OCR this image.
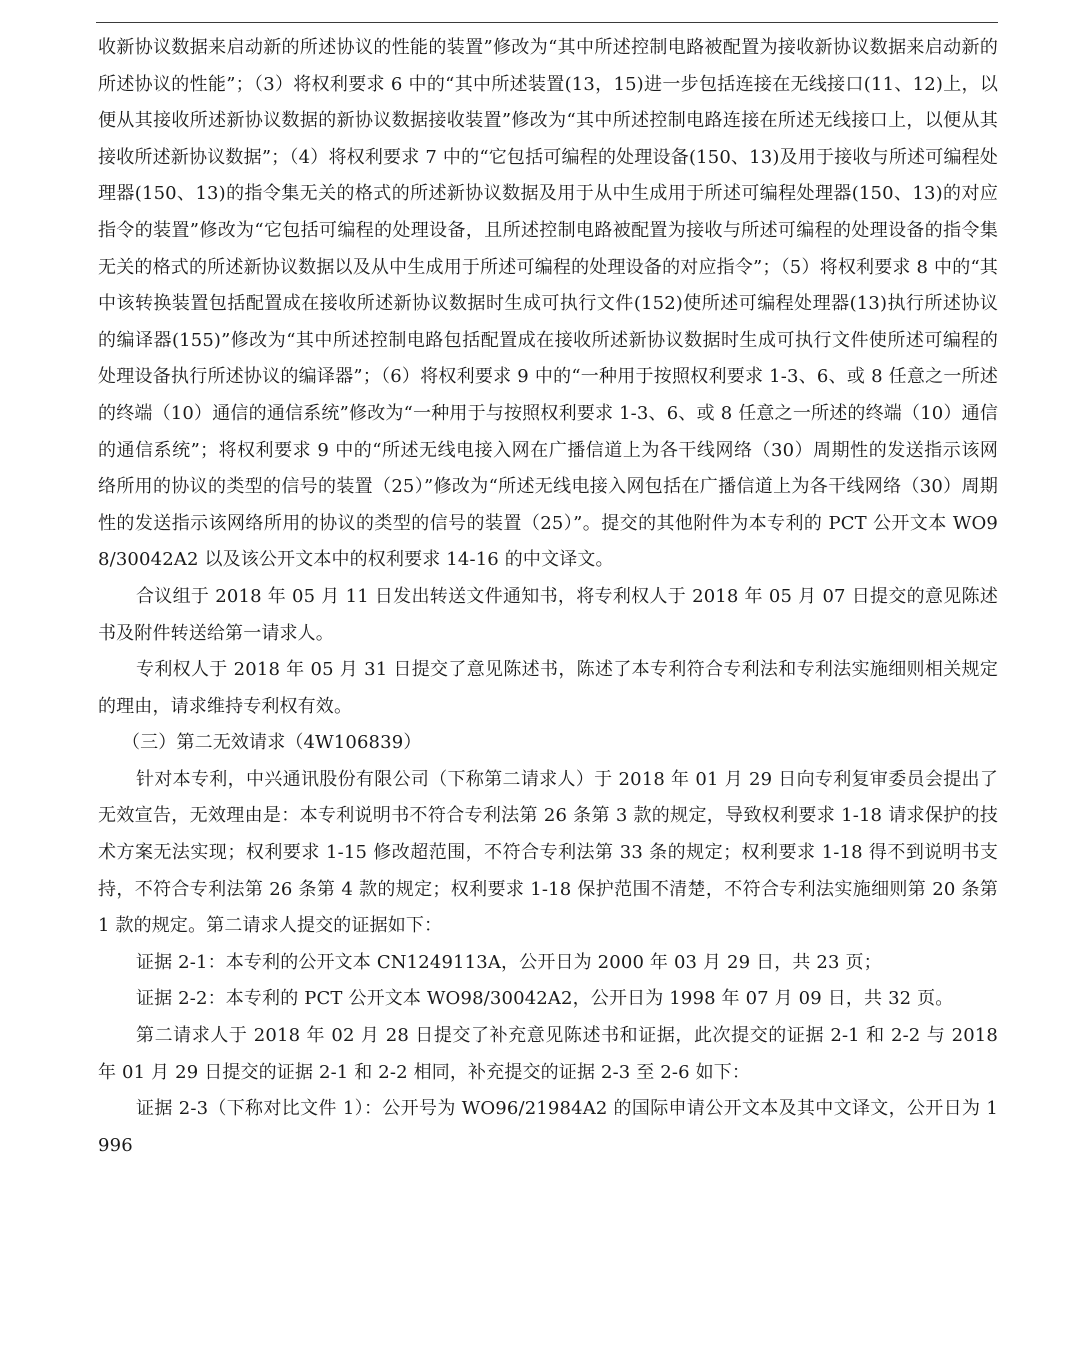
收新协议数据来启动新的所述协议的性能的装置”修改为“其中所述控制电路被配置为接收新协议数据来启动新的所述协议的性能”；（3）将权利要求 6 中的“其中所述装置(13，15)进一步包括连接在无线接口(11、12)上，以便从其接收所述新协议数据的新协议数据接收装置”修改为“其中所述控制电路连接在所述无线接口上，以便从其接收所述新协议数据”；（4）将权利要求 7 中的“它包括可编程的处理设备(150、13)及用于接收与所述可编程处理器(150、13)的指令集无关的格式的所述新协议数据及用于从中生成用于所述可编程处理器(150、13)的对应指令的装置”修改为“它包括可编程的处理设备，且所述控制电路被配置为接收与所述可编程的处理设备的指令集无关的格式的所述新协议数据以及从中生成用于所述可编程的处理设备的对应指令”；（5）将权利要求 8 中的“其中该转换装置包括配置成在接收所述新协议数据时生成可执行文件(152)使所述可编程处理器(13)执行所述协议的编译器(155)”修改为“其中所述控制电路包括配置成在接收所述新协议数据时生成可执行文件使所述可编程的处理设备执行所述协议的编译器”；（6）将权利要求 9 中的“一种用于按照权利要求 1-3、6、或 8 任意之一所述的终端（10）通信的通信系统”修改为“一种用于与按照权利要求 1-3、6、或 8 任意之一所述的终端（10）通信的通信系统”；将权利要求 9 中的“所述无线电接入网在广播信道上为各干线网络（30）周期性的发送指示该网络所用的协议的类型的信号的装置（25）”修改为“所述无线电接入网包括在广播信道上为各干线网络（30）周期性的发送指示该网络所用的协议的类型的信号的装置（25）”。提交的其他附件为本专利的 PCT 公开文本 WO98/30042A2 以及该公开文本中的权利要求 14-16 的中文译文。

合议组于 2018 年 05 月 11 日发出转送文件通知书，将专利权人于 2018 年 05 月 07 日提交的意见陈述书及附件转送给第一请求人。

专利权人于 2018 年 05 月 31 日提交了意见陈述书，陈述了本专利符合专利法和专利法实施细则相关规定的理由，请求维持专利权有效。

（三）第二无效请求（4W106839）

针对本专利，中兴通讯股份有限公司（下称第二请求人）于 2018 年 01 月 29 日向专利复审委员会提出了无效宣告，无效理由是：本专利说明书不符合专利法第 26 条第 3 款的规定，导致权利要求 1-18 请求保护的技术方案无法实现；权利要求 1-15 修改超范围，不符合专利法第 33 条的规定；权利要求 1-18 得不到说明书支持，不符合专利法第 26 条第 4 款的规定；权利要求 1-18 保护范围不清楚，不符合专利法实施细则第 20 条第 1 款的规定。第二请求人提交的证据如下：

证据 2-1：本专利的公开文本 CN1249113A，公开日为 2000 年 03 月 29 日，共 23 页；

证据 2-2：本专利的 PCT 公开文本 WO98/30042A2，公开日为 1998 年 07 月 09 日，共 32 页。

第二请求人于 2018 年 02 月 28 日提交了补充意见陈述书和证据，此次提交的证据 2-1 和 2-2 与 2018 年 01 月 29 日提交的证据 2-1 和 2-2 相同，补充提交的证据 2-3 至 2-6 如下：

证据 2-3（下称对比文件 1）：公开号为 WO96/21984A2 的国际申请公开文本及其中文译文，公开日为 1996
